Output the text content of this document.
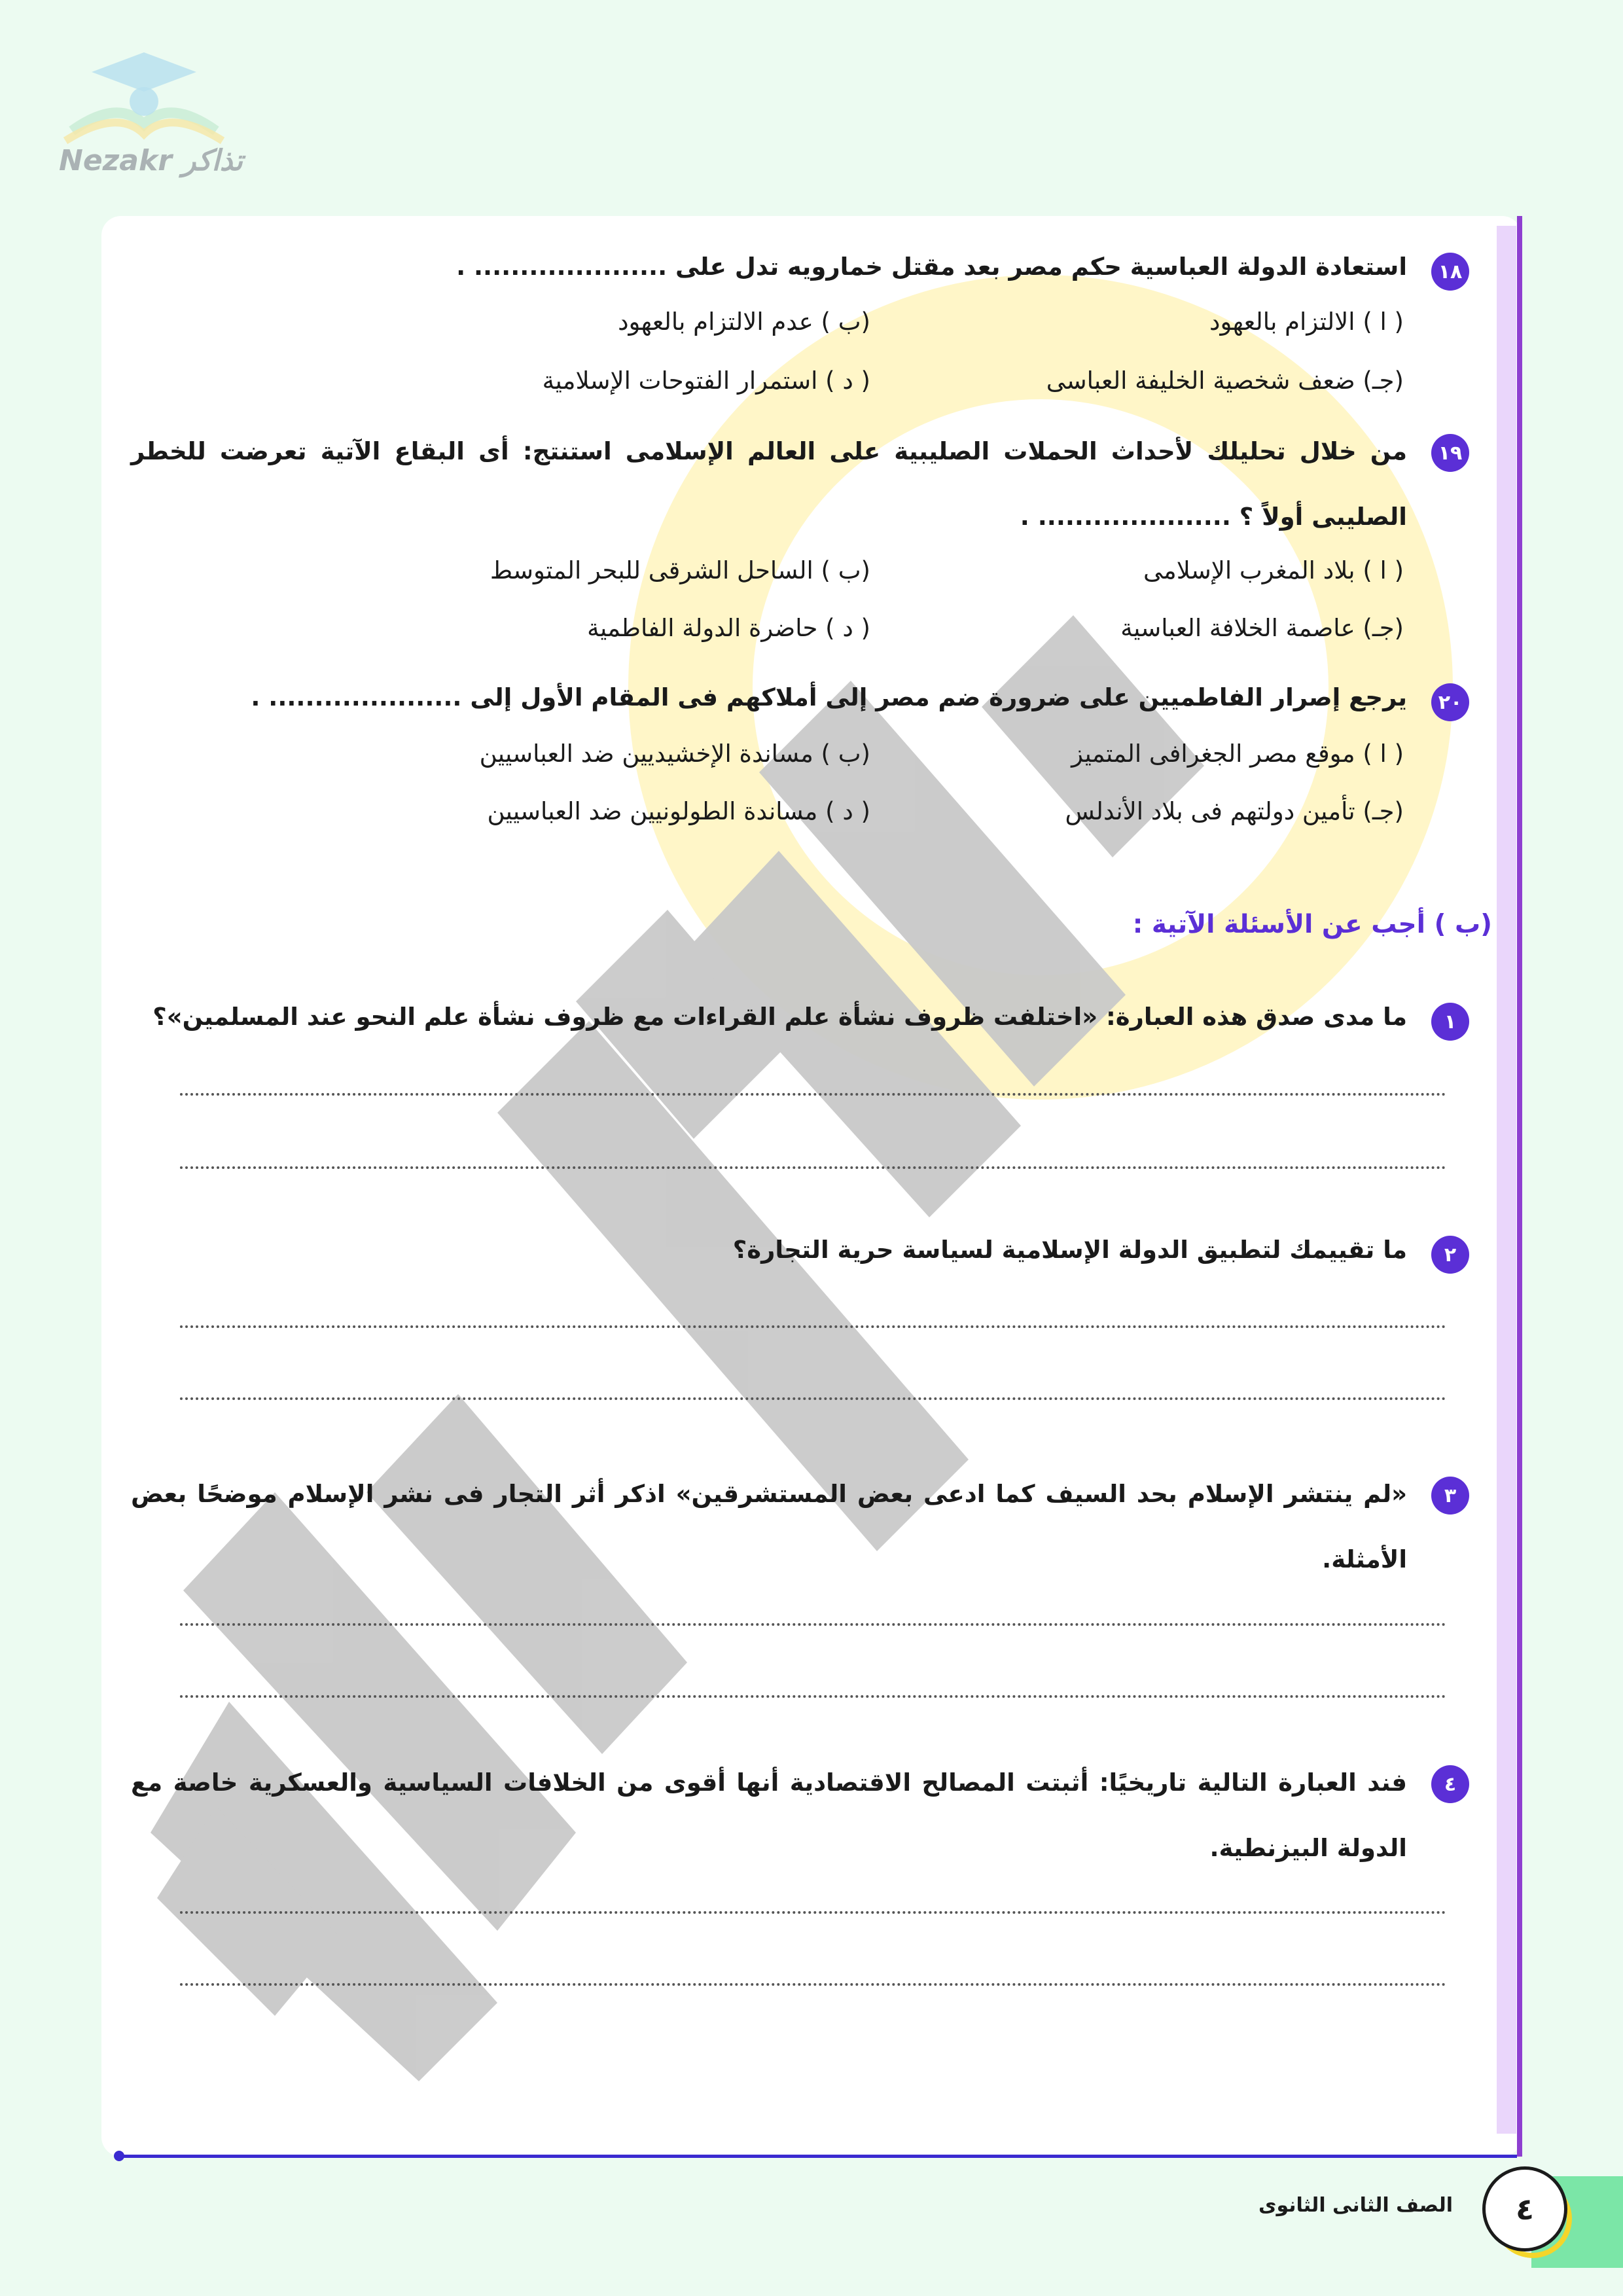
Nezakr تذاكر
١٨
استعادة الدولة العباسية حكم مصر بعد مقتل خمارويه تدل على ..................... .
( ا ) الالتزام بالعهود
(ب ) عدم الالتزام بالعهود
(جـ) ضعف شخصية الخليفة العباسى
( د ) استمرار الفتوحات الإسلامية
١٩
من خلال تحليلك لأحداث الحملات الصليبية على العالم الإسلامى استنتج: أى البقاع الآتية تعرضت للخطر الصليبى أولاً ؟ ..................... .
( ا ) بلاد المغرب الإسلامى
(ب ) الساحل الشرقى للبحر المتوسط
(جـ) عاصمة الخلافة العباسية
( د ) حاضرة الدولة الفاطمية
٢٠
يرجع إصرار الفاطميين على ضرورة ضم مصر إلى أملاكهم فى المقام الأول إلى ..................... .
( ا ) موقع مصر الجغرافى المتميز
(ب ) مساندة الإخشيديين ضد العباسيين
(جـ) تأمين دولتهم فى بلاد الأندلس
( د ) مساندة الطولونيين ضد العباسيين
(ب ) أجب عن الأسئلة الآتية :
١
ما مدى صدق هذه العبارة: «اختلفت ظروف نشأة علم القراءات مع ظروف نشأة علم النحو عند المسلمين»؟
٢
ما تقييمك لتطبيق الدولة الإسلامية لسياسة حرية التجارة؟
٣
«لم ينتشر الإسلام بحد السيف كما ادعى بعض المستشرقين» اذكر أثر التجار فى نشر الإسلام موضحًا بعض الأمثلة.
٤
فند العبارة التالية تاريخيًا: أثبتت المصالح الاقتصادية أنها أقوى من الخلافات السياسية والعسكرية خاصة مع الدولة البيزنطية.
٤
الصف الثانى الثانوى
